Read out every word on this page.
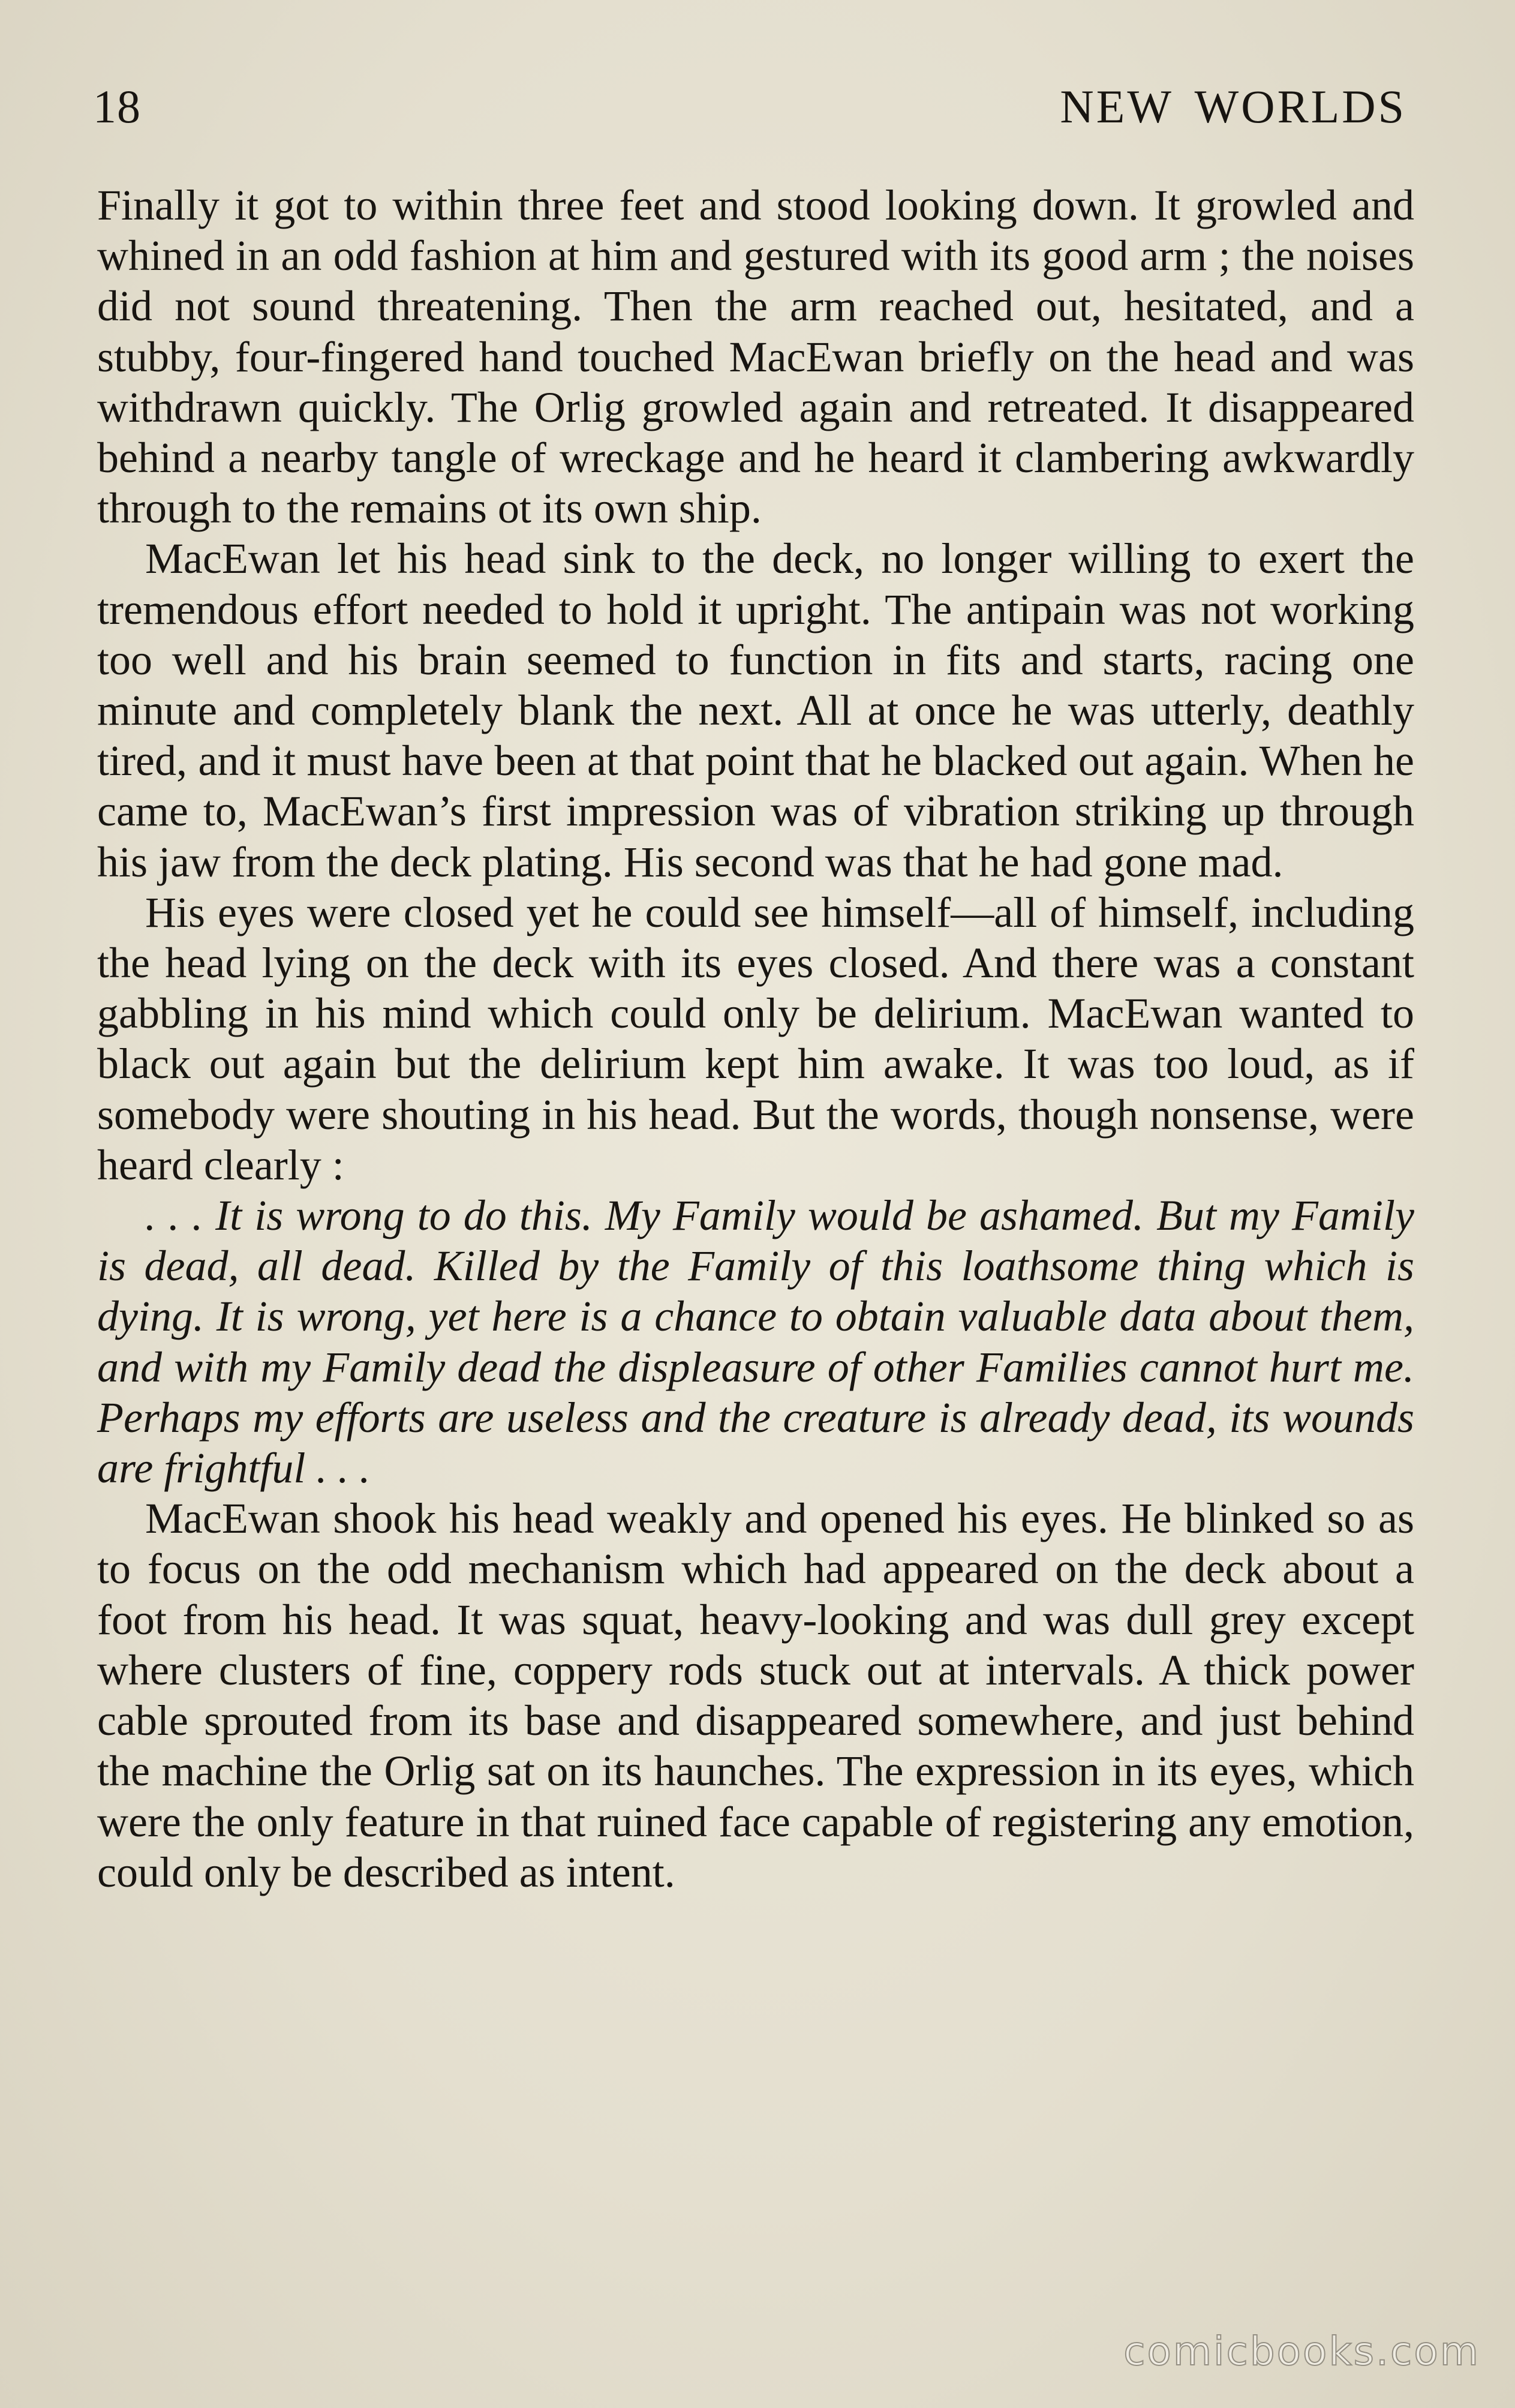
18	NEW WORLDS

Finally it got to within three feet and stood looking down. It growled and whined in an odd fashion at him and gestured with its good arm ; the noises did not sound threatening. Then the arm reached out, hesitated, and a stubby, four-fingered hand touched MacEwan briefly on the head and was withdrawn quickly. The Orlig growled again and retreated. It disappeared behind a nearby tangle of wreckage and he heard it clambering awkwardly through to the remains ot its own ship.

MacEwan let his head sink to the deck, no longer willing to exert the tremendous effort needed to hold it upright. The antipain was not working too well and his brain seemed to function in fits and starts, racing one minute and completely blank the next. All at once he was utterly, deathly tired, and it must have been at that point that he blacked out again. When he came to, MacEwan’s first impression was of vibration striking up through his jaw from the deck plating. His second was that he had gone mad.

His eyes were closed yet he could see himself—all of himself, including the head lying on the deck with its eyes closed. And there was a constant gabbling in his mind which could only be delirium. MacEwan wanted to black out again but the delirium kept him awake. It was too loud, as if somebody were shouting in his head. But the words, though nonsense, were heard clearly :

. . . It is wrong to do this. My Family would be ashamed. But my Family is dead, all dead. Killed by the Family of this loathsome thing which is dying. It is wrong, yet here is a chance to obtain valuable data about them, and with my Family dead the displeasure of other Families cannot hurt me. Perhaps my efforts are useless and the creature is already dead, its wounds are frightful . . .

MacEwan shook his head weakly and opened his eyes. He blinked so as to focus on the odd mechanism which had appeared on the deck about a foot from his head. It was squat, heavy-looking and was dull grey except where clusters of fine, coppery rods stuck out at intervals. A thick power cable sprouted from its base and disappeared somewhere, and just behind the machine the Orlig sat on its haunches. The expression in its eyes, which were the only feature in that ruined face capable of registering any emotion, could only be described as intent.

comicbooks.com
